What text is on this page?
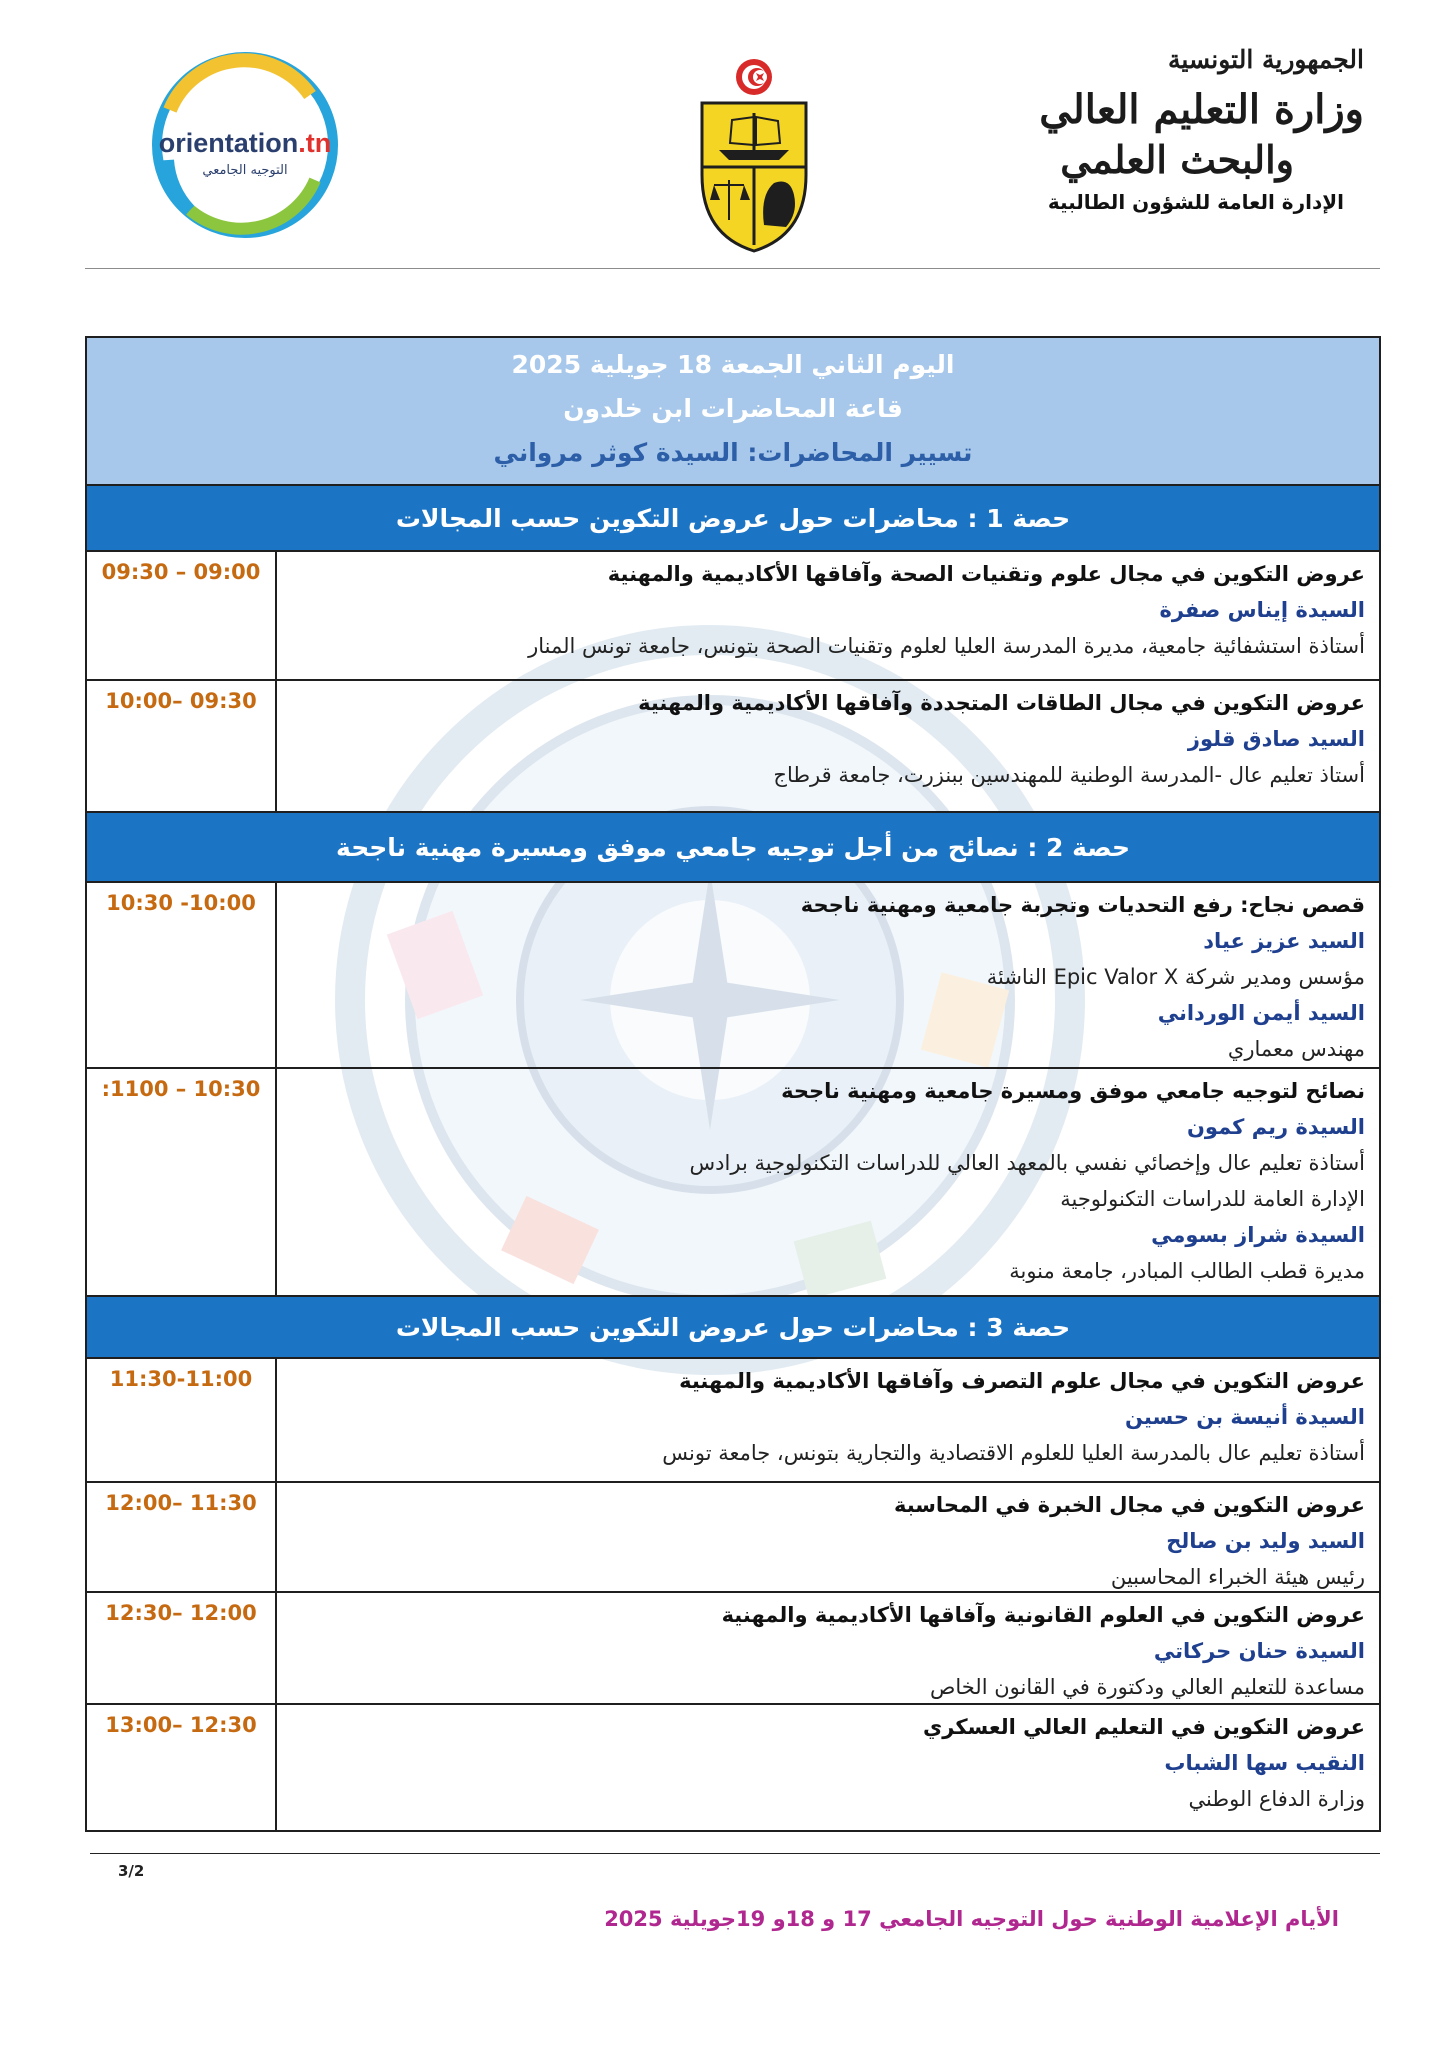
orientation.tn
التوجيه الجامعي
الجمهورية التونسية
وزارة التعليم العالي
والبحث العلمي
الإدارة العامة للشؤون الطالبية
اليوم الثاني الجمعة 18 جويلية 2025
قاعة المحاضرات ابن خلدون
تسيير المحاضرات: السيدة كوثر مرواني
حصة 1 : محاضرات حول عروض التكوين حسب المجالات
عروض التكوين في مجال علوم وتقنيات الصحة وآفاقها الأكاديمية والمهنية
السيدة إيناس صفرة
أستاذة استشفائية جامعية، مديرة المدرسة العليا لعلوم وتقنيات الصحة بتونس، جامعة تونس المنار
09:30 – 09:00
عروض التكوين في مجال الطاقات المتجددة وآفاقها الأكاديمية والمهنية
السيد صادق قلوز
أستاذ تعليم عال -المدرسة الوطنية للمهندسين ببنزرت، جامعة قرطاج
10:00– 09:30
حصة 2 : نصائح من أجل توجيه جامعي موفق ومسيرة مهنية ناجحة
قصص نجاح: رفع التحديات وتجربة جامعية ومهنية ناجحة
السيد عزيز عياد
مؤسس ومدير شركة Epic Valor X الناشئة
السيد أيمن الورداني
مهندس معماري
10:30 -10:00
نصائح لتوجيه جامعي موفق ومسيرة جامعية ومهنية ناجحة
السيدة ريم كمون
أستاذة تعليم عال وإخصائي نفسي بالمعهد العالي للدراسات التكنولوجية برادس
الإدارة العامة للدراسات التكنولوجية
السيدة شراز بسومي
مديرة قطب الطالب المبادر، جامعة منوبة
:1100 – 10:30
حصة 3 : محاضرات حول عروض التكوين حسب المجالات
عروض التكوين في مجال علوم التصرف وآفاقها الأكاديمية والمهنية
السيدة أنيسة بن حسين
أستاذة تعليم عال بالمدرسة العليا للعلوم الاقتصادية والتجارية بتونس، جامعة تونس
11:30-11:00
عروض التكوين في مجال الخبرة في المحاسبة
السيد وليد بن صالح
رئيس هيئة الخبراء المحاسبين
12:00– 11:30
عروض التكوين في العلوم القانونية وآفاقها الأكاديمية والمهنية
السيدة حنان حركاتي
مساعدة للتعليم العالي ودكتورة في القانون الخاص
12:30– 12:00
عروض التكوين في التعليم العالي العسكري
النقيب سها الشباب
وزارة الدفاع الوطني
13:00– 12:30
3/2
الأيام الإعلامية الوطنية حول التوجيه الجامعي 17 و 18و 19جويلية 2025
